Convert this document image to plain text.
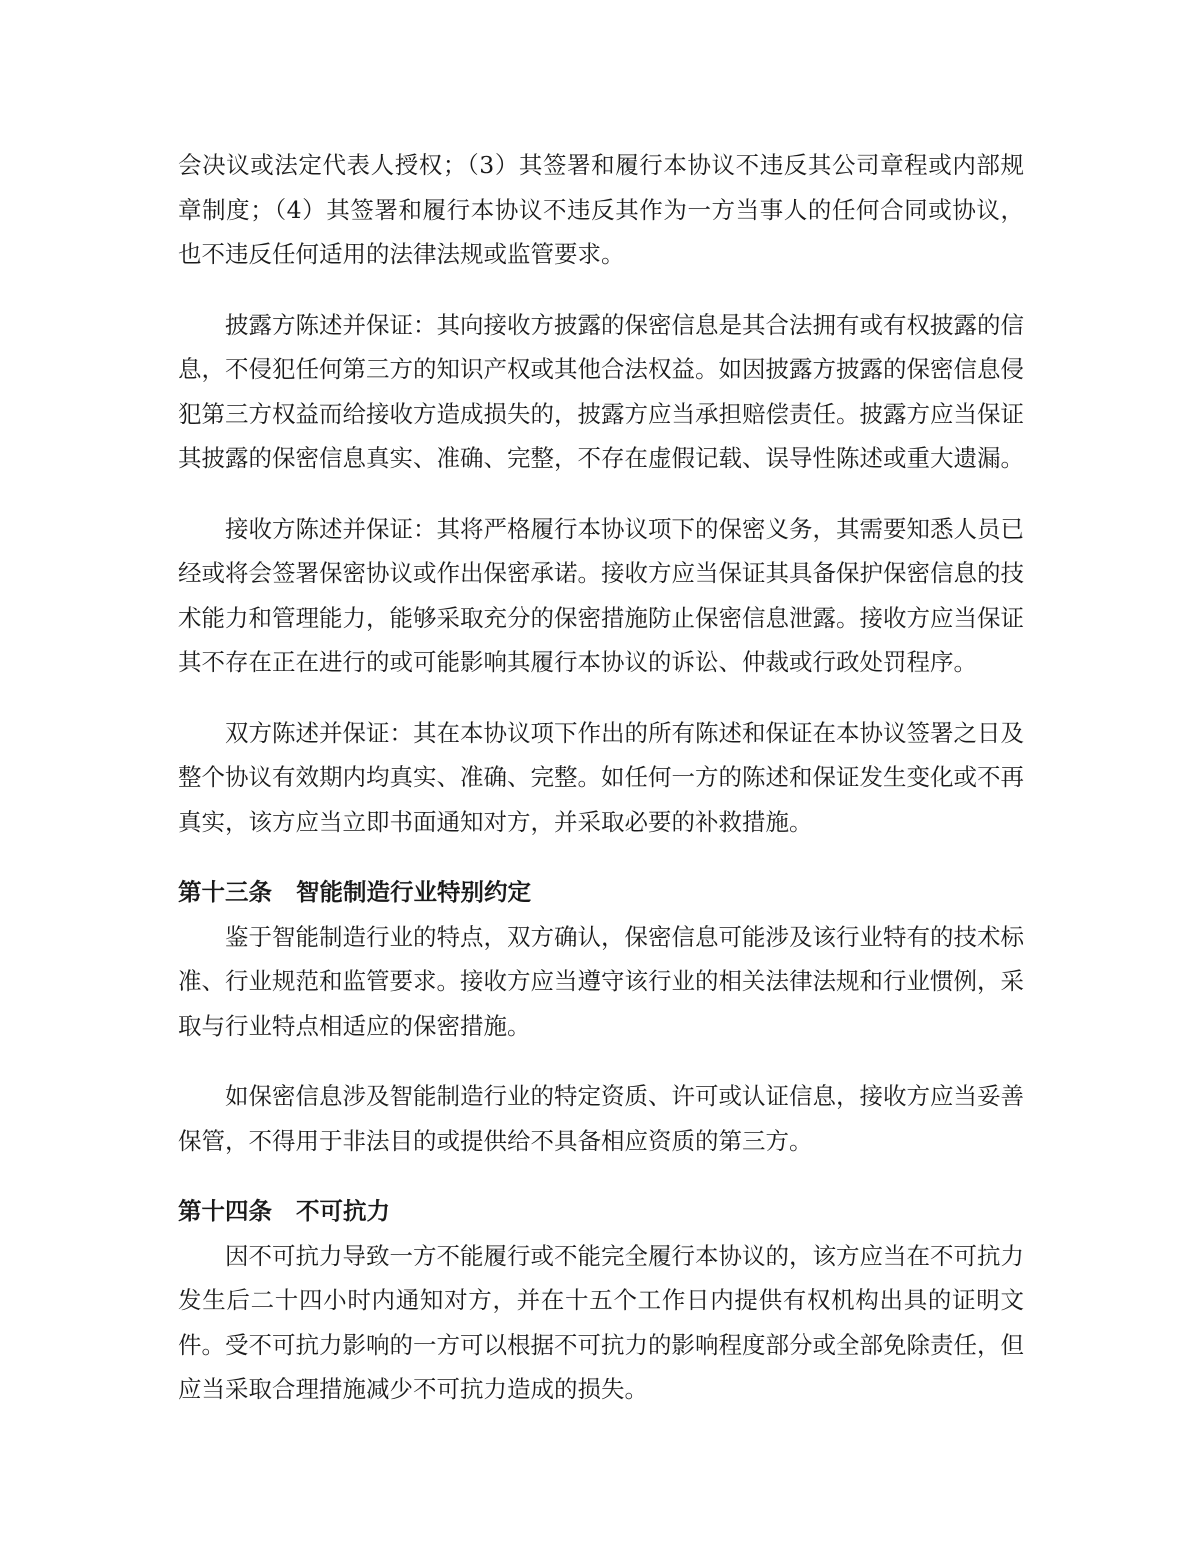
会决议或法定代表人授权；（3）其签署和履行本协议不违反其公司章程或内部规章制度；（4）其签署和履行本协议不违反其作为一方当事人的任何合同或协议，也不违反任何适用的法律法规或监管要求。

披露方陈述并保证：其向接收方披露的保密信息是其合法拥有或有权披露的信息，不侵犯任何第三方的知识产权或其他合法权益。如因披露方披露的保密信息侵犯第三方权益而给接收方造成损失的，披露方应当承担赔偿责任。披露方应当保证其披露的保密信息真实、准确、完整，不存在虚假记载、误导性陈述或重大遗漏。

接收方陈述并保证：其将严格履行本协议项下的保密义务，其需要知悉人员已经或将会签署保密协议或作出保密承诺。接收方应当保证其具备保护保密信息的技术能力和管理能力，能够采取充分的保密措施防止保密信息泄露。接收方应当保证其不存在正在进行的或可能影响其履行本协议的诉讼、仲裁或行政处罚程序。

双方陈述并保证：其在本协议项下作出的所有陈述和保证在本协议签署之日及整个协议有效期内均真实、准确、完整。如任何一方的陈述和保证发生变化或不再真实，该方应当立即书面通知对方，并采取必要的补救措施。

第十三条 智能制造行业特别约定

鉴于智能制造行业的特点，双方确认，保密信息可能涉及该行业特有的技术标准、行业规范和监管要求。接收方应当遵守该行业的相关法律法规和行业惯例，采取与行业特点相适应的保密措施。

如保密信息涉及智能制造行业的特定资质、许可或认证信息，接收方应当妥善保管，不得用于非法目的或提供给不具备相应资质的第三方。

第十四条 不可抗力

因不可抗力导致一方不能履行或不能完全履行本协议的，该方应当在不可抗力发生后二十四小时内通知对方，并在十五个工作日内提供有权机构出具的证明文件。受不可抗力影响的一方可以根据不可抗力的影响程度部分或全部免除责任，但应当采取合理措施减少不可抗力造成的损失。
